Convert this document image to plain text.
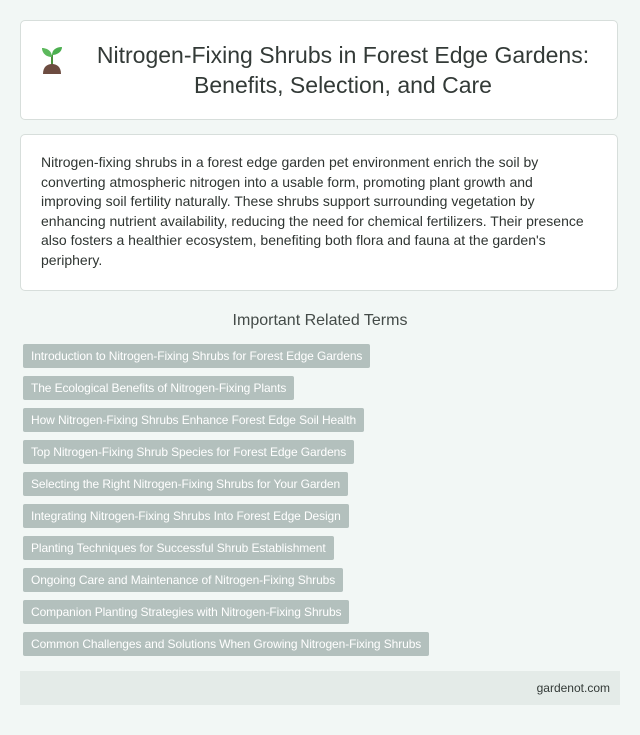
Nitrogen-Fixing Shrubs in Forest Edge Gardens: Benefits, Selection, and Care

Nitrogen-fixing shrubs in a forest edge garden pet environment enrich the soil by converting atmospheric nitrogen into a usable form, promoting plant growth and improving soil fertility naturally. These shrubs support surrounding vegetation by enhancing nutrient availability, reducing the need for chemical fertilizers. Their presence also fosters a healthier ecosystem, benefiting both flora and fauna at the garden's periphery.

Important Related Terms
Introduction to Nitrogen-Fixing Shrubs for Forest Edge Gardens
The Ecological Benefits of Nitrogen-Fixing Plants
How Nitrogen-Fixing Shrubs Enhance Forest Edge Soil Health
Top Nitrogen-Fixing Shrub Species for Forest Edge Gardens
Selecting the Right Nitrogen-Fixing Shrubs for Your Garden
Integrating Nitrogen-Fixing Shrubs Into Forest Edge Design
Planting Techniques for Successful Shrub Establishment
Ongoing Care and Maintenance of Nitrogen-Fixing Shrubs
Companion Planting Strategies with Nitrogen-Fixing Shrubs
Common Challenges and Solutions When Growing Nitrogen-Fixing Shrubs
gardenot.com
